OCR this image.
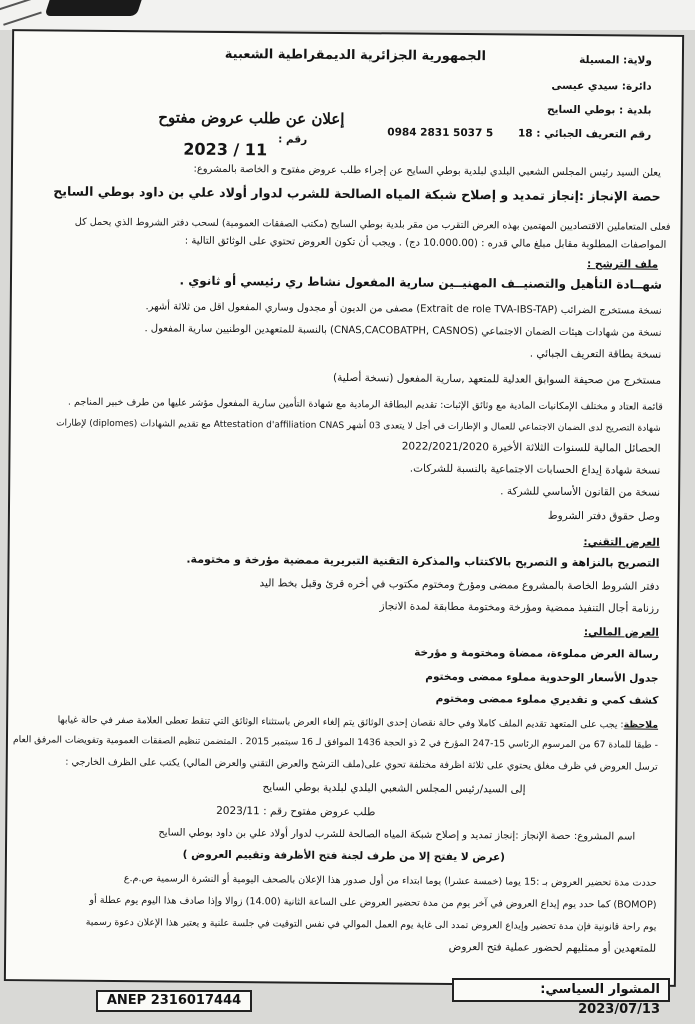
الجمهورية الجزائرية الديمقراطية الشعبية	ولاية: المسيلة
دائرة: سيدي عيسى
بلدية : بوطي السايح
إعلان عن طلب عروض مفتوح
رقم التعريف الجبائي : 18
0984 2831 5037 5
رقم :
2023 / 11
يعلن السيد رئيس المجلس الشعبي البلدي لبلدية بوطي السايح عن إجراء طلب عروض مفتوح و الخاصة بالمشروع:
حصة الإنجاز :إنجاز تمديد و إصلاح شبكة المياه الصالحة للشرب لدوار أولاد علي بن داود بوطي السايح
فعلى المتعاملين الاقتصاديين المهتمين بهذه العرض التقرب من مقر بلدية بوطي السايح (مكتب الصفقات العمومية) لسحب دفتر الشروط الذي يحمل كل
المواصفات المطلوبة مقابل مبلغ مالي قدره : (10.000.00 دج) . ويجب أن تكون العروض تحتوي على الوثائق التالية :
ملف الترشح :
شهــادة التأهيل والتصنيــف المهنيــين سارية المفعول نشاط ري رئيسي أو ثانوي .
نسخة مستخرج الضرائب (Extrait de role TVA-IBS-TAP) مصفى من الديون أو مجدول وساري المفعول اقل من ثلاثة أشهر.
نسخة من شهادات هيئات الضمان الاجتماعي (CNAS,CACOBATPH, CASNOS) بالنسبة للمتعهدين الوطنيين سارية المفعول .
نسخة بطاقة التعريف الجبائي .
مستخرج من صحيفة السوابق العدلية للمتعهد ,سارية المفعول (نسخة أصلية)
قائمة العتاد و مختلف الإمكانيات المادية مع وثائق الإثبات: تقديم البطاقة الرمادية مع شهادة التأمين سارية المفعول مؤشر عليها من طرف خبير المناجم .
شهادة التصريح لدى الضمان الاجتماعي للعمال و الإطارات في أجل لا يتعدى 03 أشهر Attestation d'affiliation CNAS مع تقديم الشهادات (diplomes) لإطارات
الحصائل المالية للسنوات الثلاثة الأخيرة 2022/2021/2020
نسخة شهادة إيداع الحسابات الاجتماعية بالنسبة للشركات.
نسخة من القانون الأساسي للشركة .
وصل حقوق دفتر الشروط
العرض التقني:
التصريح بالنزاهة و التصريح بالاكتتاب والمذكرة التقنية التبريرية ممضية مؤرخة و مختومة.
دفتر الشروط الخاصة بالمشروع ممضى ومؤرخ ومختوم مكتوب في أخره قرئ وقبل بخط اليد
رزنامة أجال التنفيذ ممضية ومؤرخة ومختومة مطابقة لمدة الانجاز
العرض المالي:
رسالة العرض مملوءة، ممضاة ومختومة و مؤرخة
جدول الأسعار الوحدوية مملوء ممضى ومختوم
كشف كمي و تقديري مملوء ممضى ومختوم
ملاحظة: يجب على المتعهد تقديم الملف كاملا وفي حالة نقصان إحدى الوثائق يتم إلغاء العرض باستثناء الوثائق التي تنقط تعطى العلامة صفر في حالة غيابها
- طبقا للمادة 67 من المرسوم الرئاسي 15-247 المؤرخ في 2 ذو الحجة 1436 الموافق لـ 16 سبتمبر 2015 . المتضمن تنظيم الصفقات العمومية وتفويضات المرفق العام
ترسل العروض في ظرف مغلق يحتوي على ثلاثة اظرفة مختلفة تحوي على(ملف الترشح والعرض التقني والعرض المالي) يكتب على الظرف الخارجي :
إلى السيد/رئيس المجلس الشعبي البلدي لبلدية بوطي السايح
طلب عروض مفتوح رقم : 2023/11
اسم المشروع: حصة الإنجاز :إنجاز تمديد و إصلاح شبكة المياه الصالحة للشرب لدوار أولاد علي بن داود بوطي السايح
(عرض لا يفتح إلا من طرف لجنة فتح الأظرفة وتقييم العروض )
حددت مدة تحضير العروض بـ :15 يوما (خمسة عشرا) يوما ابتداء من أول صدور هذا الإعلان بالصحف اليومية أو النشرة الرسمية ص.م.ع
(BOMOP) كما حدد يوم إيداع العروض في آخر يوم من مدة تحضير العروض على الساعة الثانية (14.00) زوالا وإذا صادف هذا اليوم يوم عطلة أو
يوم راحة قانونية فإن مدة تحضير وإيداع العروض تمدد الى غاية يوم العمل الموالي في نفس التوقيت في جلسة علنية و يعتبر هذا الإعلان دعوة رسمية
للمتعهدين أو ممثليهم لحضور عملية فتح العروض
المشوار السياسي: 2023/07/13
ANEP 2316017444
